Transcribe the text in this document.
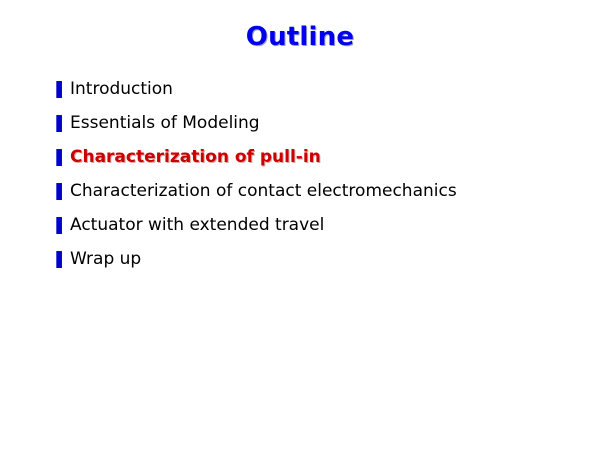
Outline
❚ Introduction
❚ Essentials of Modeling
❚ Characterization of pull-in
❚ Characterization of contact electromechanics
❚ Actuator with extended travel
❚ Wrap up
